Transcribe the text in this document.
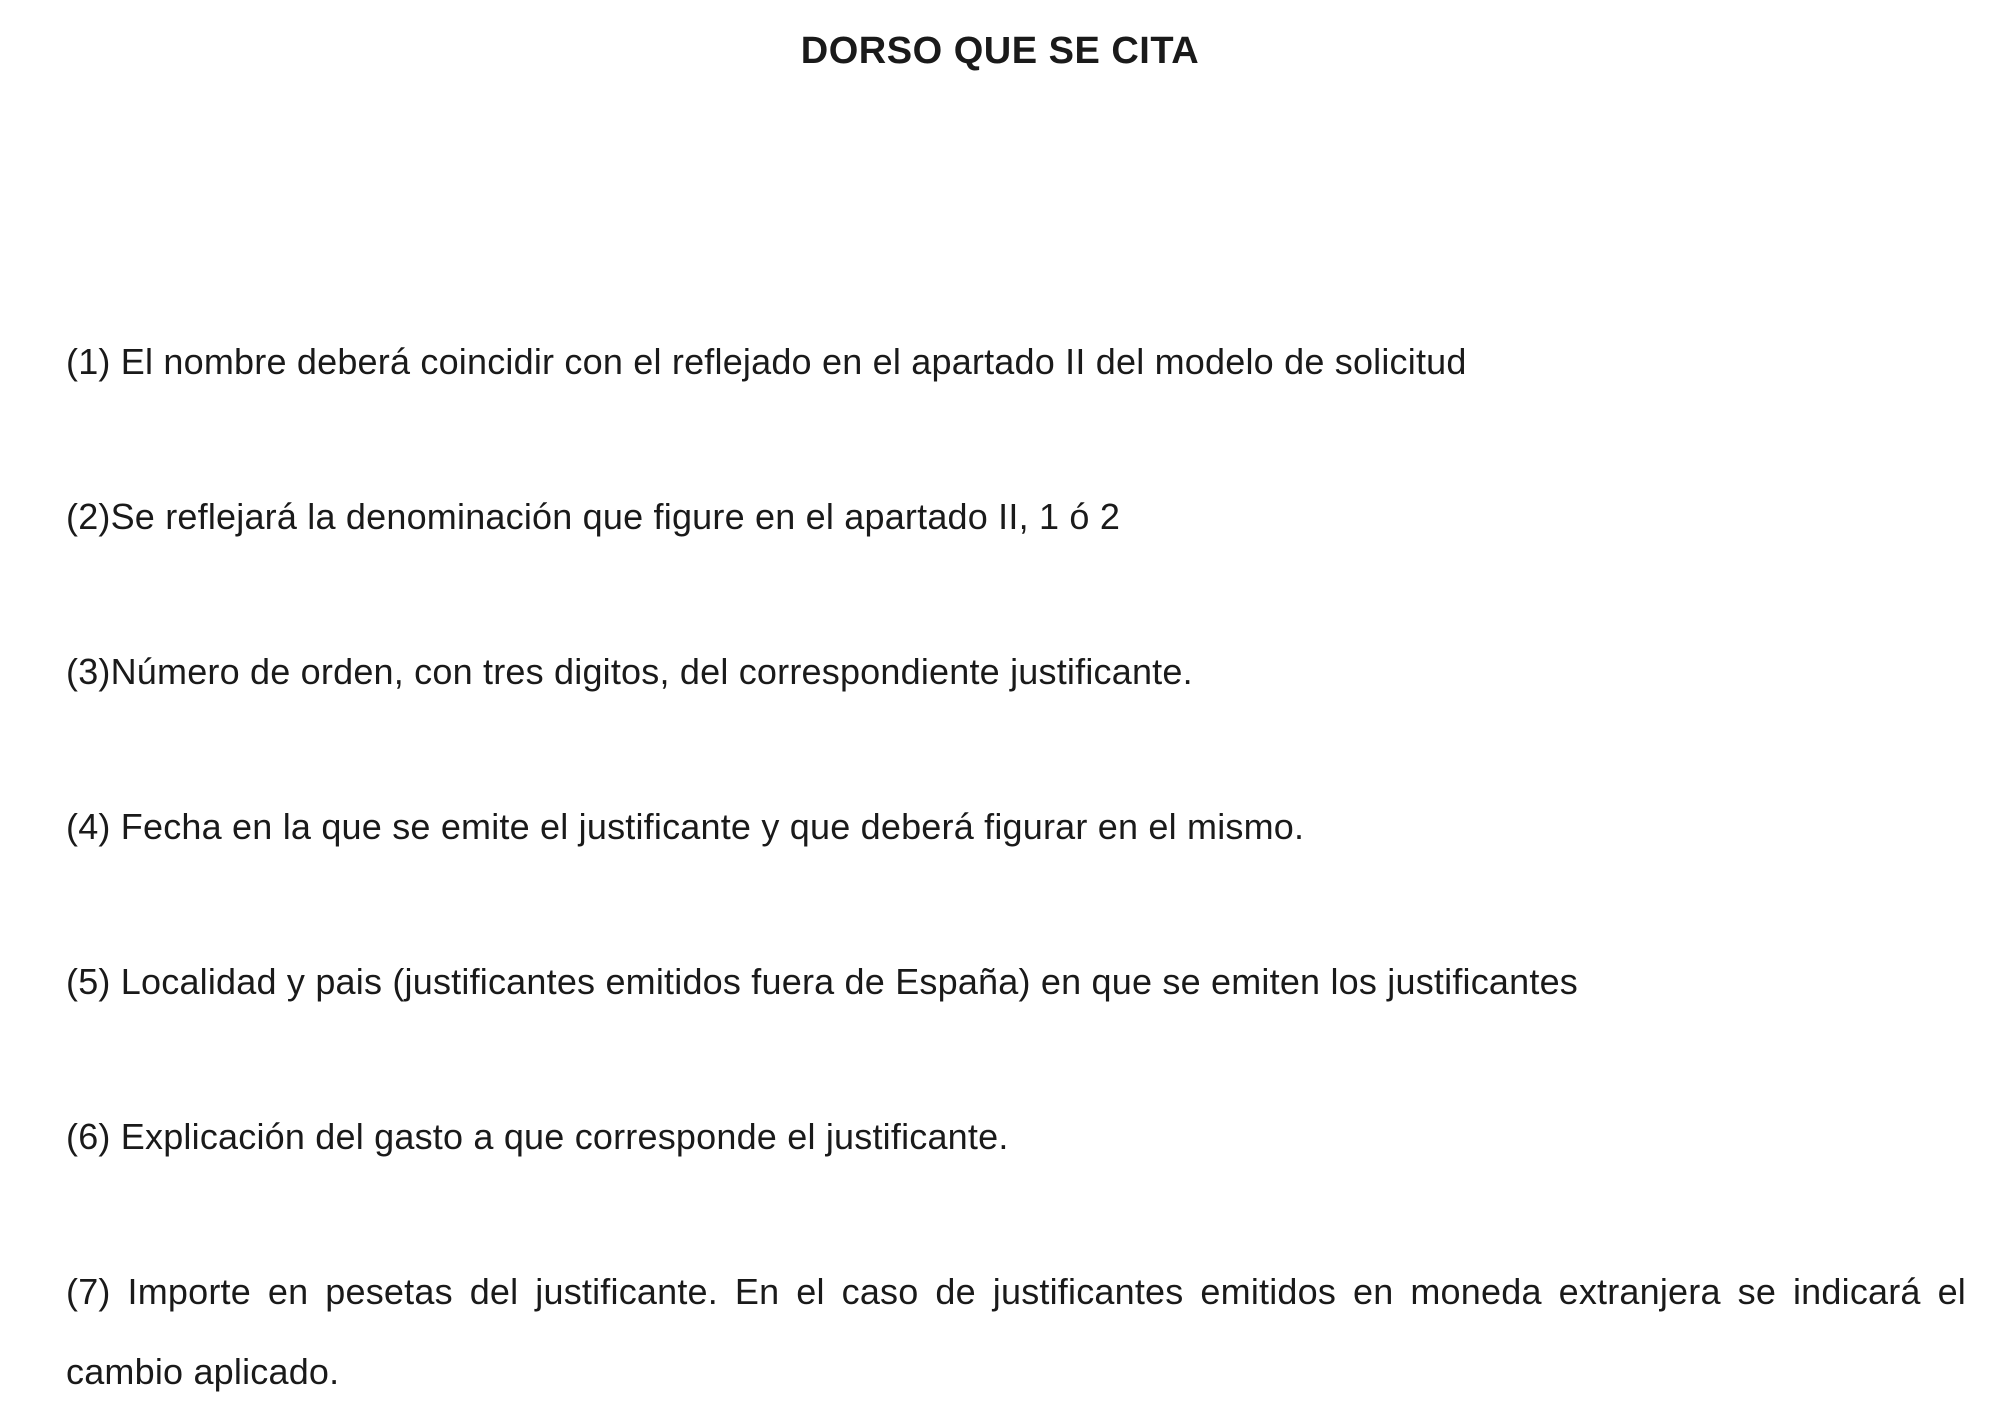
DORSO QUE SE CITA
(1) El nombre deberá coincidir con el reflejado en el apartado II del modelo de solicitud
(2)Se reflejará la denominación que figure en el apartado II, 1 ó 2
(3)Número de orden, con tres digitos, del correspondiente justificante.
(4) Fecha en la que se emite el justificante y que deberá figurar en el mismo.
(5) Localidad y pais (justificantes emitidos fuera de España) en que se emiten los justificantes
(6) Explicación del gasto a que corresponde el justificante.
(7) Importe en pesetas del justificante. En el caso de justificantes emitidos en moneda extranjera se indicará el cambio aplicado.
